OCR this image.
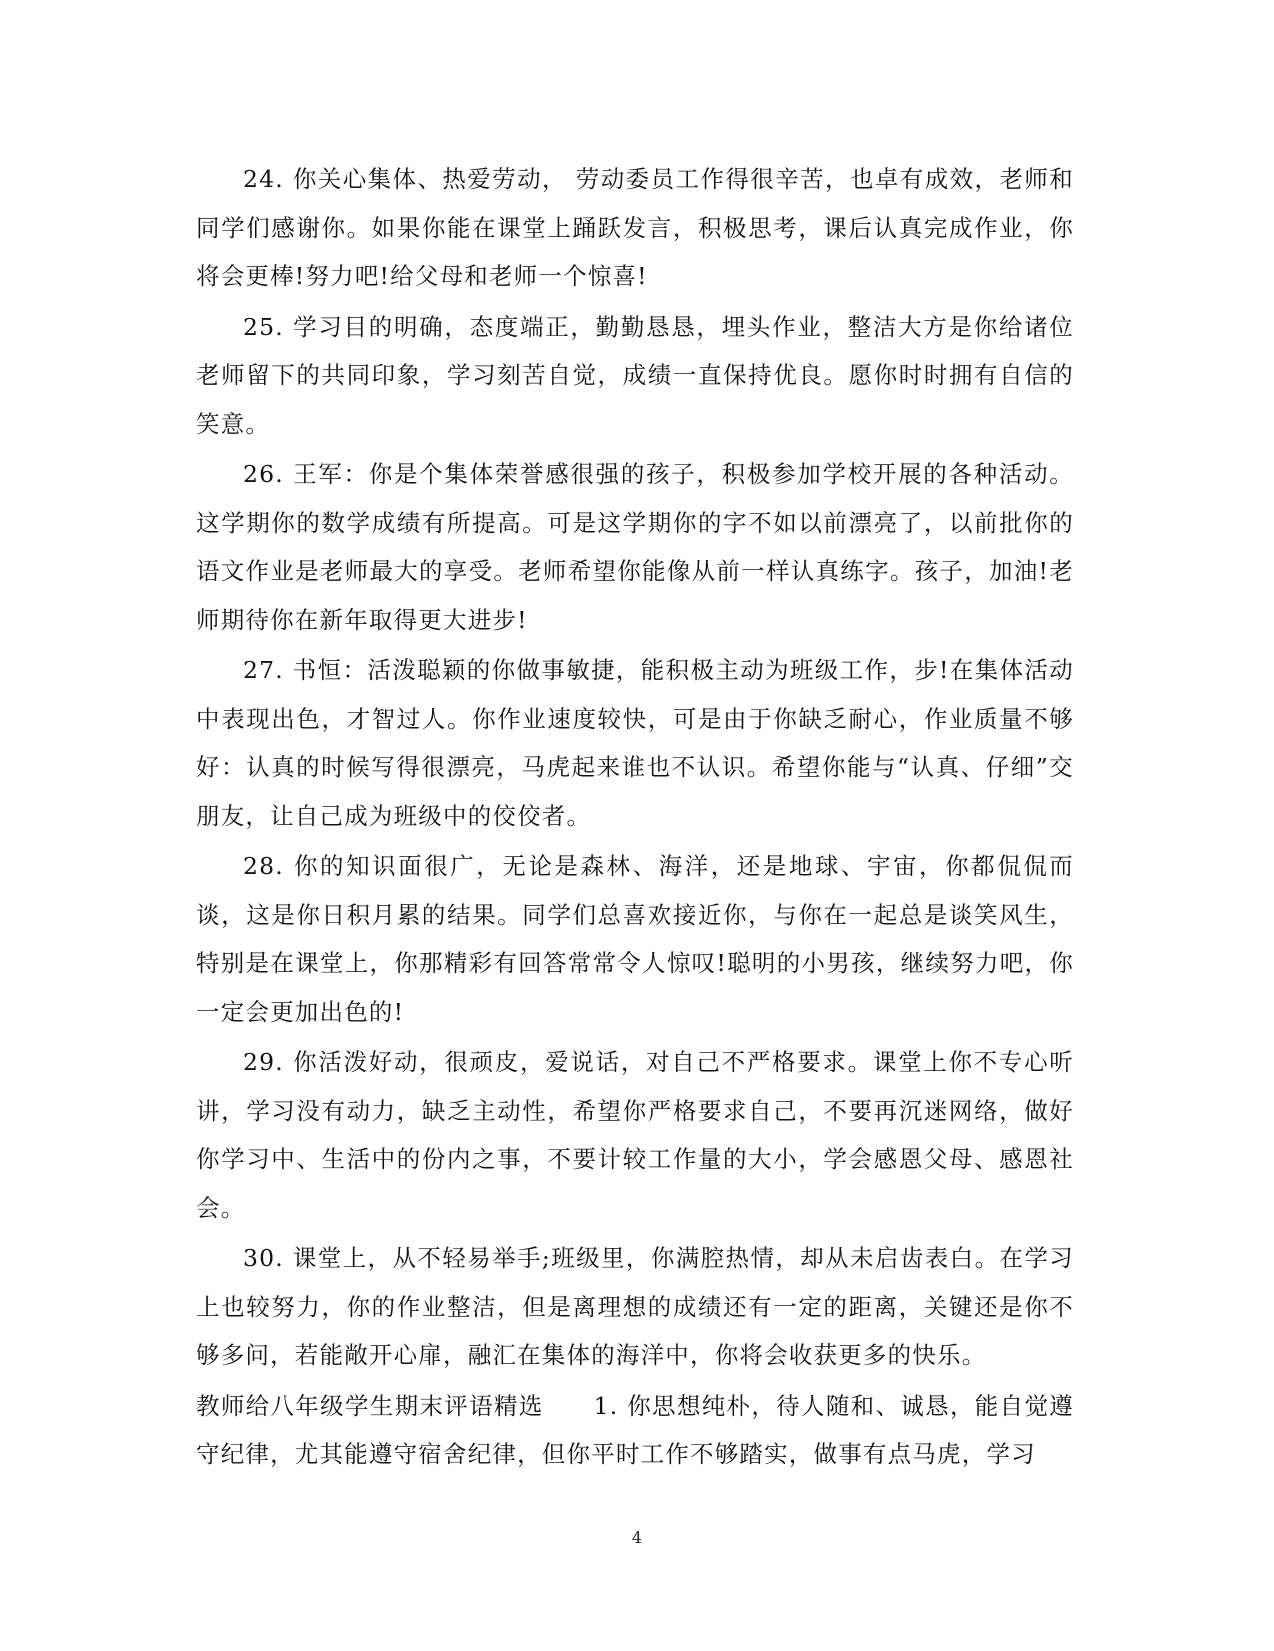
24. 你关心集体、热爱劳动， 劳动委员工作得很辛苦，也卓有成效，老师和同学们感谢你。如果你能在课堂上踊跃发言，积极思考，课后认真完成作业，你将会更棒!努力吧!给父母和老师一个惊喜!

25. 学习目的明确，态度端正，勤勤恳恳，埋头作业，整洁大方是你给诸位老师留下的共同印象，学习刻苦自觉，成绩一直保持优良。愿你时时拥有自信的笑意。

26. 王军：你是个集体荣誉感很强的孩子，积极参加学校开展的各种活动。这学期你的数学成绩有所提高。可是这学期你的字不如以前漂亮了，以前批你的语文作业是老师最大的享受。老师希望你能像从前一样认真练字。孩子，加油!老师期待你在新年取得更大进步!

27. 书恒：活泼聪颖的你做事敏捷，能积极主动为班级工作，步!在集体活动中表现出色，才智过人。你作业速度较快，可是由于你缺乏耐心，作业质量不够好：认真的时候写得很漂亮，马虎起来谁也不认识。希望你能与“认真、仔细”交朋友，让自己成为班级中的佼佼者。

28. 你的知识面很广，无论是森林、海洋，还是地球、宇宙，你都侃侃而谈，这是你日积月累的结果。同学们总喜欢接近你，与你在一起总是谈笑风生，特别是在课堂上，你那精彩有回答常常令人惊叹!聪明的小男孩，继续努力吧，你一定会更加出色的!

29. 你活泼好动，很顽皮，爱说话，对自己不严格要求。课堂上你不专心听讲，学习没有动力，缺乏主动性，希望你严格要求自己，不要再沉迷网络，做好你学习中、生活中的份内之事，不要计较工作量的大小，学会感恩父母、感恩社会。

30. 课堂上，从不轻易举手;班级里，你满腔热情，却从未启齿表白。在学习上也较努力，你的作业整洁，但是离理想的成绩还有一定的距离，关键还是你不够多问，若能敞开心扉，融汇在集体的海洋中，你将会收获更多的快乐。

教师给八年级学生期末评语精选 1. 你思想纯朴，待人随和、诚恳，能自觉遵守纪律，尤其能遵守宿舍纪律，但你平时工作不够踏实，做事有点马虎，学习

4
